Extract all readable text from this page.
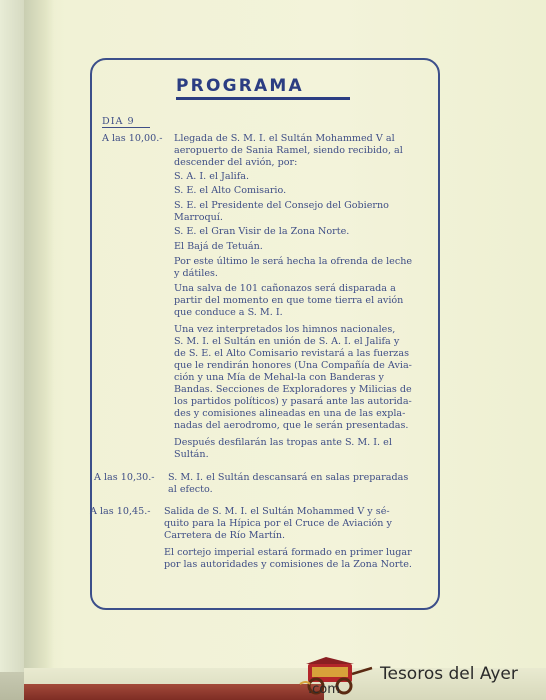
PROGRAMA
DIA 9
A las 10,00.- Llegada de S. M. I. el Sultán Mohammed V al
aeropuerto de Sania Ramel, siendo recibido, al
descender del avión, por:
S. A. I. el Jalifa.
S. E. el Alto Comisario.
S. E. el Presidente del Consejo del Gobierno
Marroquí.
S. E. el Gran Visir de la Zona Norte.
El Bajá de Tetuán.
Por este último le será hecha la ofrenda de leche
y dátiles.
Una salva de 101 cañonazos será disparada a
partir del momento en que tome tierra el avión
que conduce a S. M. I.
Una vez interpretados los himnos nacionales,
S. M. I. el Sultán en unión de S. A. I. el Jalifa y
de S. E. el Alto Comisario revistará a las fuerzas
que le rendirán honores (Una Compañía de Avia-
ción y una Mía de Mehal-la con Banderas y
Bandas. Secciones de Exploradores y Milicias de
los partidos políticos) y pasará ante las autorida-
des y comisiones alineadas en una de las expla-
nadas del aerodromo, que le serán presentadas.
Después desfilarán las tropas ante S. M. I. el
Sultán.
A las 10,30.- S. M. I. el Sultán descansará en salas preparadas
al efecto.
A las 10,45.- Salida de S. M. I. el Sultán Mohammed V y sé-
quito para la Hípica por el Cruce de Aviación y
Carretera de Río Martín.
El cortejo imperial estará formado en primer lugar
por las autoridades y comisiones de la Zona Norte.
Tesoros del Ayer
.com
